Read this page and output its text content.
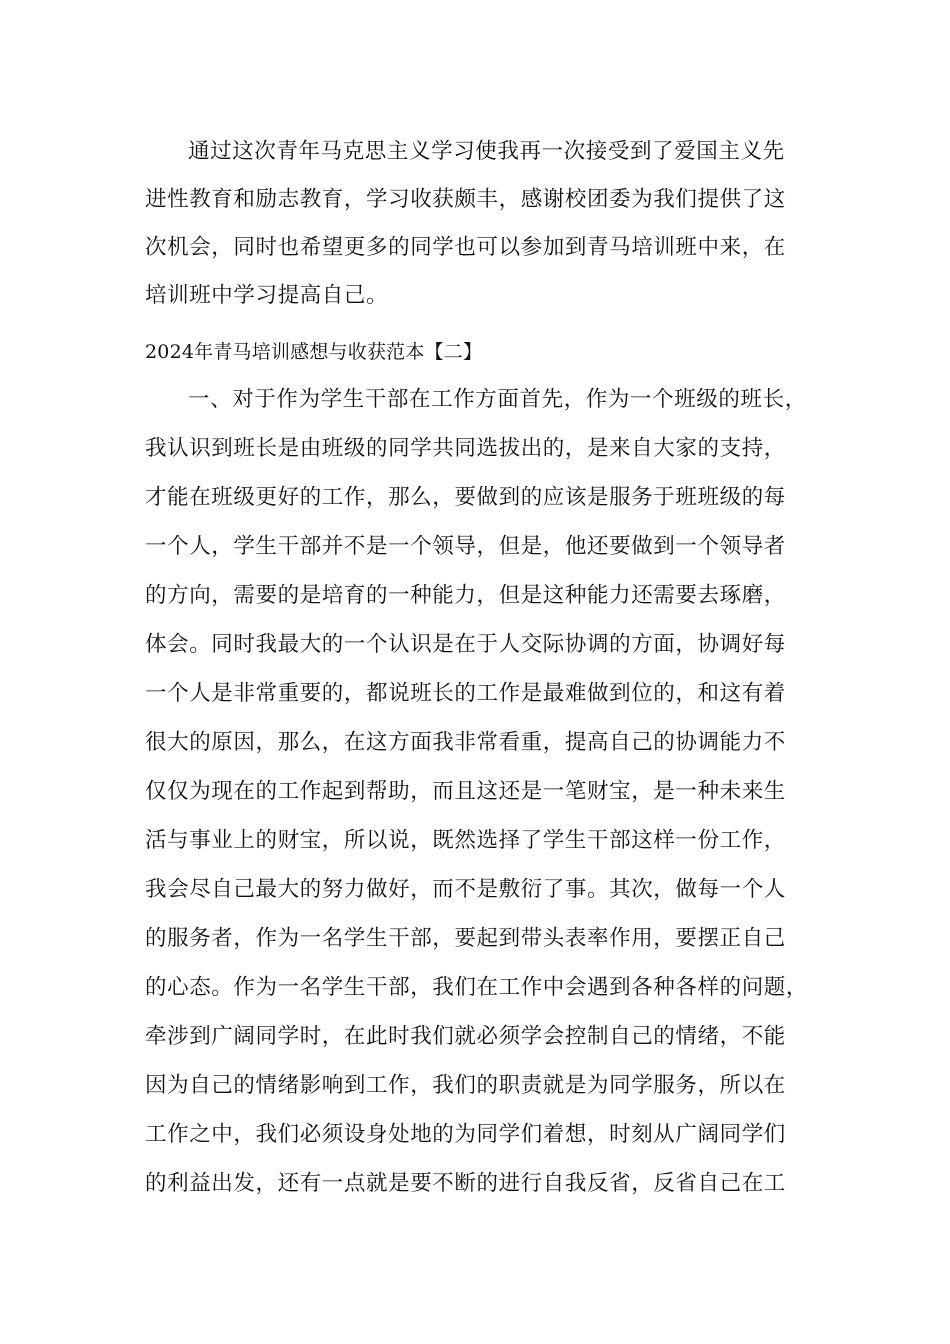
通过这次青年马克思主义学习使我再一次接受到了爱国主义先
进性教育和励志教育，学习收获颇丰，感谢校团委为我们提供了这
次机会，同时也希望更多的同学也可以参加到青马培训班中来，在
培训班中学习提高自己。
2024年青马培训感想与收获范本【二】
一、对于作为学生干部在工作方面首先，作为一个班级的班长，
我认识到班长是由班级的同学共同选拔出的，是来自大家的支持，
才能在班级更好的工作，那么，要做到的应该是服务于班班级的每
一个人，学生干部并不是一个领导，但是，他还要做到一个领导者
的方向，需要的是培育的一种能力，但是这种能力还需要去琢磨，
体会。同时我最大的一个认识是在于人交际协调的方面，协调好每
一个人是非常重要的，都说班长的工作是最难做到位的，和这有着
很大的原因，那么，在这方面我非常看重，提高自己的协调能力不
仅仅为现在的工作起到帮助，而且这还是一笔财宝，是一种未来生
活与事业上的财宝，所以说，既然选择了学生干部这样一份工作，
我会尽自己最大的努力做好，而不是敷衍了事。其次，做每一个人
的服务者，作为一名学生干部，要起到带头表率作用，要摆正自己
的心态。作为一名学生干部，我们在工作中会遇到各种各样的问题，
牵涉到广阔同学时，在此时我们就必须学会控制自己的情绪，不能
因为自己的情绪影响到工作，我们的职责就是为同学服务，所以在
工作之中，我们必须设身处地的为同学们着想，时刻从广阔同学们
的利益出发，还有一点就是要不断的进行自我反省，反省自己在工
